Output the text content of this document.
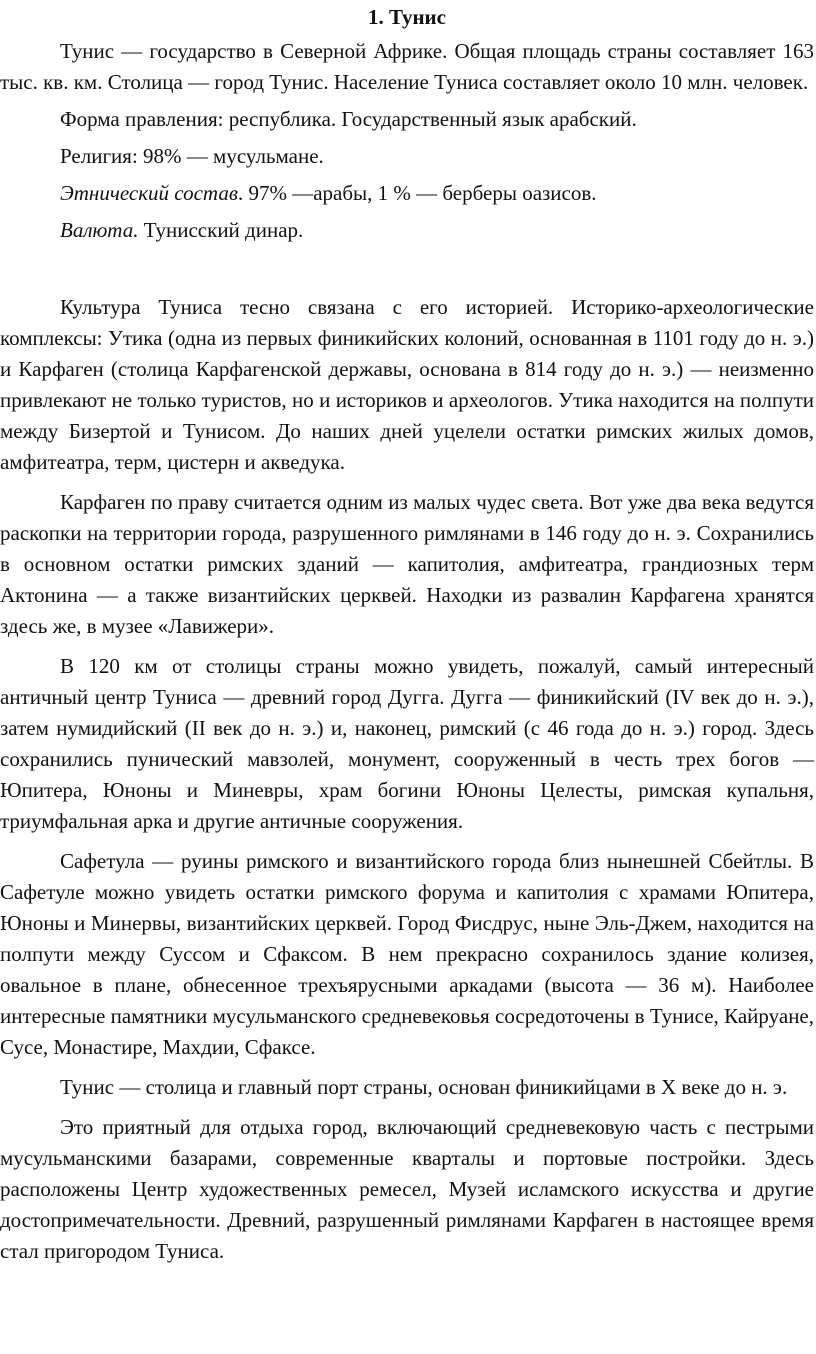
1. Тунис

Тунис — государство в Северной Африке. Общая площадь страны составляет 163 тыс. кв. км. Столица — город Тунис. Население Туниса составляет около 10 млн. человек.

Форма правления: республика. Государственный язык арабский.

Религия: 98% — мусульмане.

Этнический состав. 97% —арабы, 1 % — берберы оазисов.

Валюта. Тунисский динар.

Культура Туниса тесно связана с его историей. Историко-археологические комплексы: Утика (одна из первых финикийских колоний, основанная в 1101 году до н. э.) и Карфаген (столица Карфагенской державы, основана в 814 году до н. э.) — неизменно привлекают не только туристов, но и историков и археологов. Утика находится на полпути между Бизертой и Тунисом. До наших дней уцелели остатки римских жилых домов, амфитеатра, терм, цистерн и акведука.

Карфаген по праву считается одним из малых чудес света. Вот уже два века ведутся раскопки на территории города, разрушенного римлянами в 146 году до н. э. Сохранились в основном остатки римских зданий — капитолия, амфитеатра, грандиозных терм Актонина — а также византийских церквей. Находки из развалин Карфагена хранятся здесь же, в музее «Лавижери».

В 120 км от столицы страны можно увидеть, пожалуй, самый интересный античный центр Туниса — древний город Дугга. Дугга — финикийский (IV век до н. э.), затем нумидийский (II век до н. э.) и, наконец, римский (с 46 года до н. э.) город. Здесь сохранились пунический мавзолей, монумент, сооруженный в честь трех богов — Юпитера, Юноны и Миневры, храм богини Юноны Целесты, римская купальня, триумфальная арка и другие античные сооружения.

Сафетула — руины римского и византийского города близ нынешней Сбейтлы. В Сафетуле можно увидеть остатки римского форума и капитолия с храмами Юпитера, Юноны и Минервы, византийских церквей. Город Фисдрус, ныне Эль-Джем, находится на полпути между Суссом и Сфаксом. В нем прекрасно сохранилось здание колизея, овальное в плане, обнесенное трехъярусными аркадами (высота — 36 м). Наиболее интересные памятники мусульманского средневековья сосредоточены в Тунисе, Кайруане, Сусе, Монастире, Махдии, Сфаксе.

Тунис — столица и главный порт страны, основан финикийцами в X веке до н. э.

Это приятный для отдыха город, включающий средневековую часть с пестрыми мусульманскими базарами, современные кварталы и портовые постройки. Здесь расположены Центр художественных ремесел, Музей исламского искусства и другие достопримечательности. Древний, разрушенный римлянами Карфаген в настоящее время стал пригородом Туниса.
